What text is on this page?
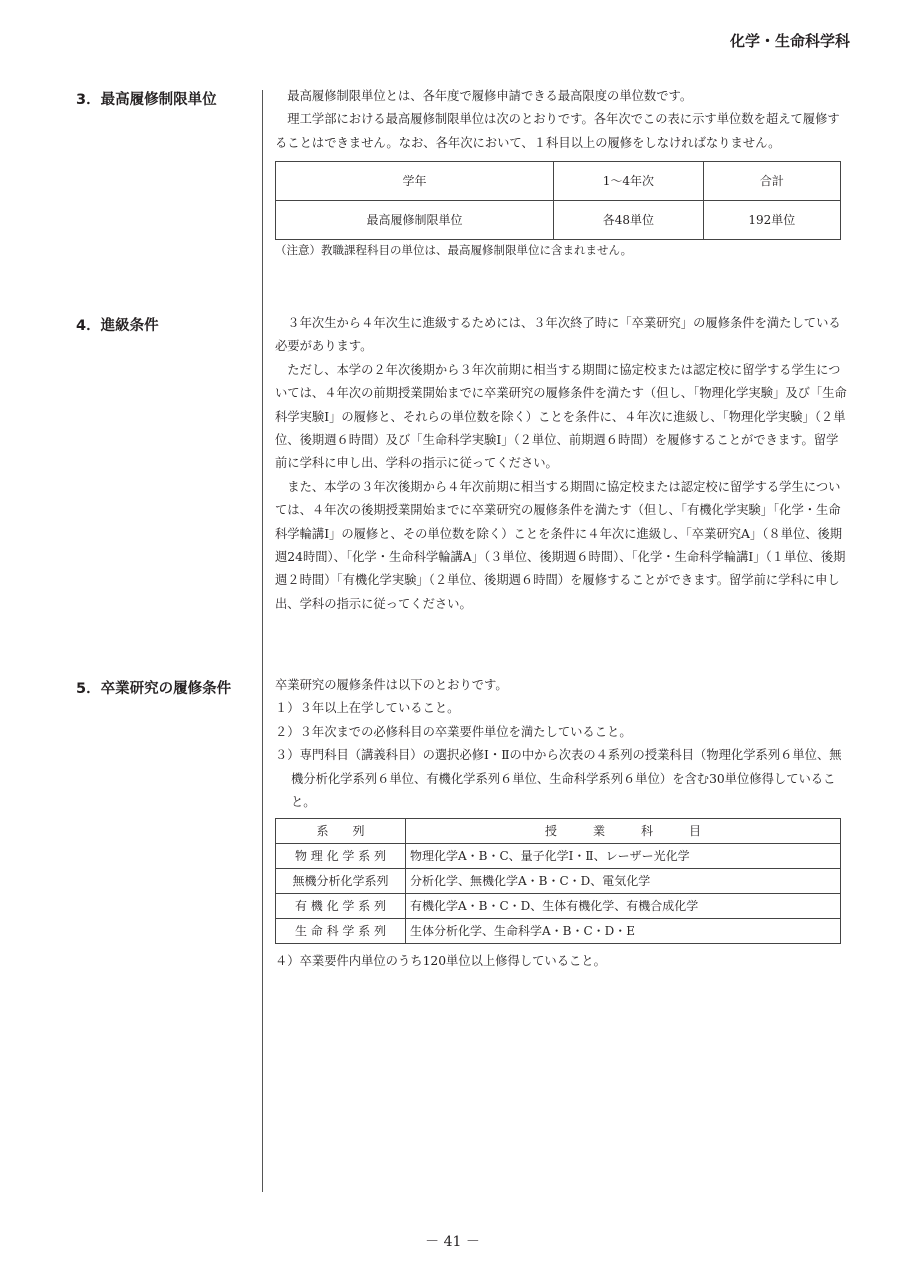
化学・生命科学科
3．最高履修制限単位	最高履修制限単位とは、各年度で履修申請できる最高限度の単位数です。

理工学部における最高履修制限単位は次のとおりです。各年次でこの表に示す単位数を超えて履修することはできません。なお、各年次において、１科目以上の履修をしなければなりません。

学年	1～4年次	合計
最高履修制限単位	各48単位	192単位

（注意）教職課程科目の単位は、最高履修制限単位に含まれません。

4．進級条件	３年次生から４年次生に進級するためには、３年次終了時に「卒業研究」の履修条件を満たしている必要があります。

ただし、本学の２年次後期から３年次前期に相当する期間に協定校または認定校に留学する学生については、４年次の前期授業開始までに卒業研究の履修条件を満たす（但し、「物理化学実験」及び「生命科学実験Ⅰ」の履修と、それらの単位数を除く）ことを条件に、４年次に進級し、「物理化学実験」（２単位、後期週６時間）及び「生命科学実験Ⅰ」（２単位、前期週６時間）を履修することができます。留学前に学科に申し出、学科の指示に従ってください。

また、本学の３年次後期から４年次前期に相当する期間に協定校または認定校に留学する学生については、４年次の後期授業開始までに卒業研究の履修条件を満たす（但し、「有機化学実験」「化学・生命科学輪講Ⅰ」の履修と、その単位数を除く）ことを条件に４年次に進級し、「卒業研究A」（８単位、後期週24時間）、「化学・生命科学輪講A」（３単位、後期週６時間）、「化学・生命科学輪講Ⅰ」（１単位、後期週２時間）「有機化学実験」（２単位、後期週６時間）を履修することができます。留学前に学科に申し出、学科の指示に従ってください。

5．卒業研究の履修条件	卒業研究の履修条件は以下のとおりです。

１）３年以上在学していること。

２）３年次までの必修科目の卒業要件単位を満たしていること。

３）専門科目（講義科目）の選択必修Ⅰ・Ⅱの中から次表の４系列の授業科目（物理化学系列６単位、無機分析化学系列６単位、有機化学系列６単位、生命科学系列６単位）を含む30単位修得していること。

系　　列	授　　　業　　　科　　　目
物 理 化 学 系 列	物理化学A・B・C、量子化学Ⅰ・Ⅱ、レーザー光化学
無機分析化学系列	分析化学、無機化学A・B・C・D、電気化学
有 機 化 学 系 列	有機化学A・B・C・D、生体有機化学、有機合成化学
生 命 科 学 系 列	生体分析化学、生命科学A・B・C・D・E

４）卒業要件内単位のうち120単位以上修得していること。

－ 41 －
